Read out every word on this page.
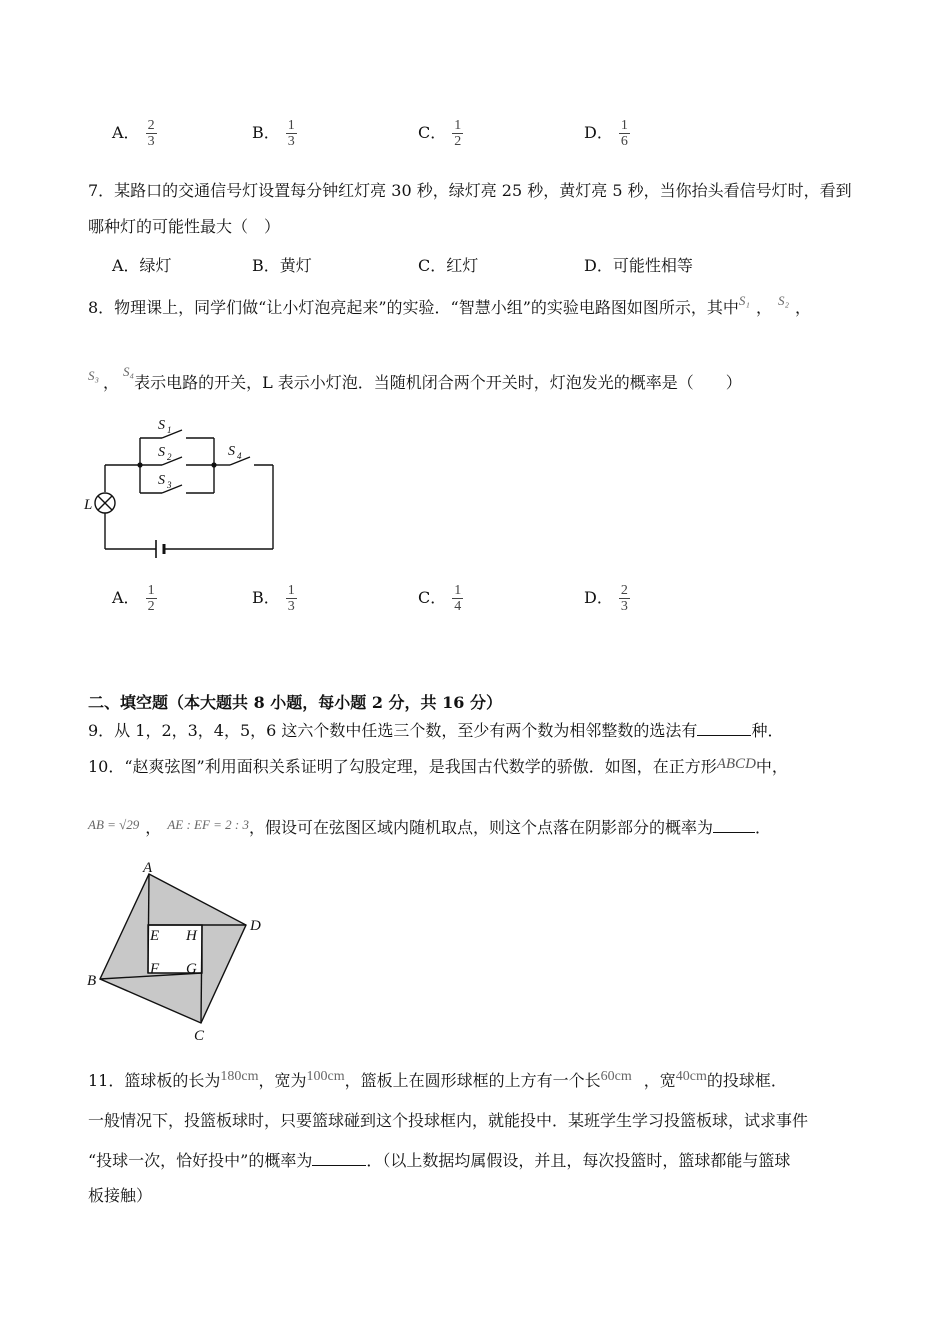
A． $\frac{2}{3}$	B． $\frac{1}{3}$	C． $\frac{1}{2}$	D． $\frac{1}{6}$
7．某路口的交通信号灯设置每分钟红灯亮 30 秒，绿灯亮 25 秒，黄灯亮 5 秒，当你抬头看信号灯时，看到
哪种灯的可能性最大（　）
A．绿灯	B．黄灯	C．红灯	D．可能性相等
8．物理课上，同学们做“让小灯泡亮起来”的实验．“智慧小组”的实验电路图如图所示，其中$^{S_1}$ ， $^{S_2}$ ，
$^{S_3}$ ，$^{S_4}$表示电路的开关，L 表示小灯泡．当随机闭合两个开关时，灯泡发光的概率是（　　）
S 1
S 2
S 3
S 4
L
A． $\frac{1}{2}$	B． $\frac{1}{3}$	C． $\frac{1}{4}$	D． $\frac{2}{3}$
二、填空题（本大题共 8 小题，每小题 2 分，共 16 分）
9．从 1，2，3，4，5，6 这六个数中任选三个数，至少有两个数为相邻整数的选法有	种．
10．“赵爽弦图”利用面积关系证明了勾股定理，是我国古代数学的骄傲．如图，在正方形ABCD中，
$^{AB = √29}$ ， $^{AE : EF = 2 : 3}$，假设可在弦图区域内随机取点，则这个点落在阴影部分的概率为	．
A
B
C
D
E
F G
H
11．篮球板的长为180cm，宽为100cm，篮板上在圆形球框的上方有一个长60cm ，宽40cm的投球框．
一般情况下，投篮板球时，只要篮球碰到这个投球框内，就能投中．某班学生学习投篮板球，试求事件
“投球一次，恰好投中”的概率为	．（以上数据均属假设，并且，每次投篮时，篮球都能与篮球
板接触）
